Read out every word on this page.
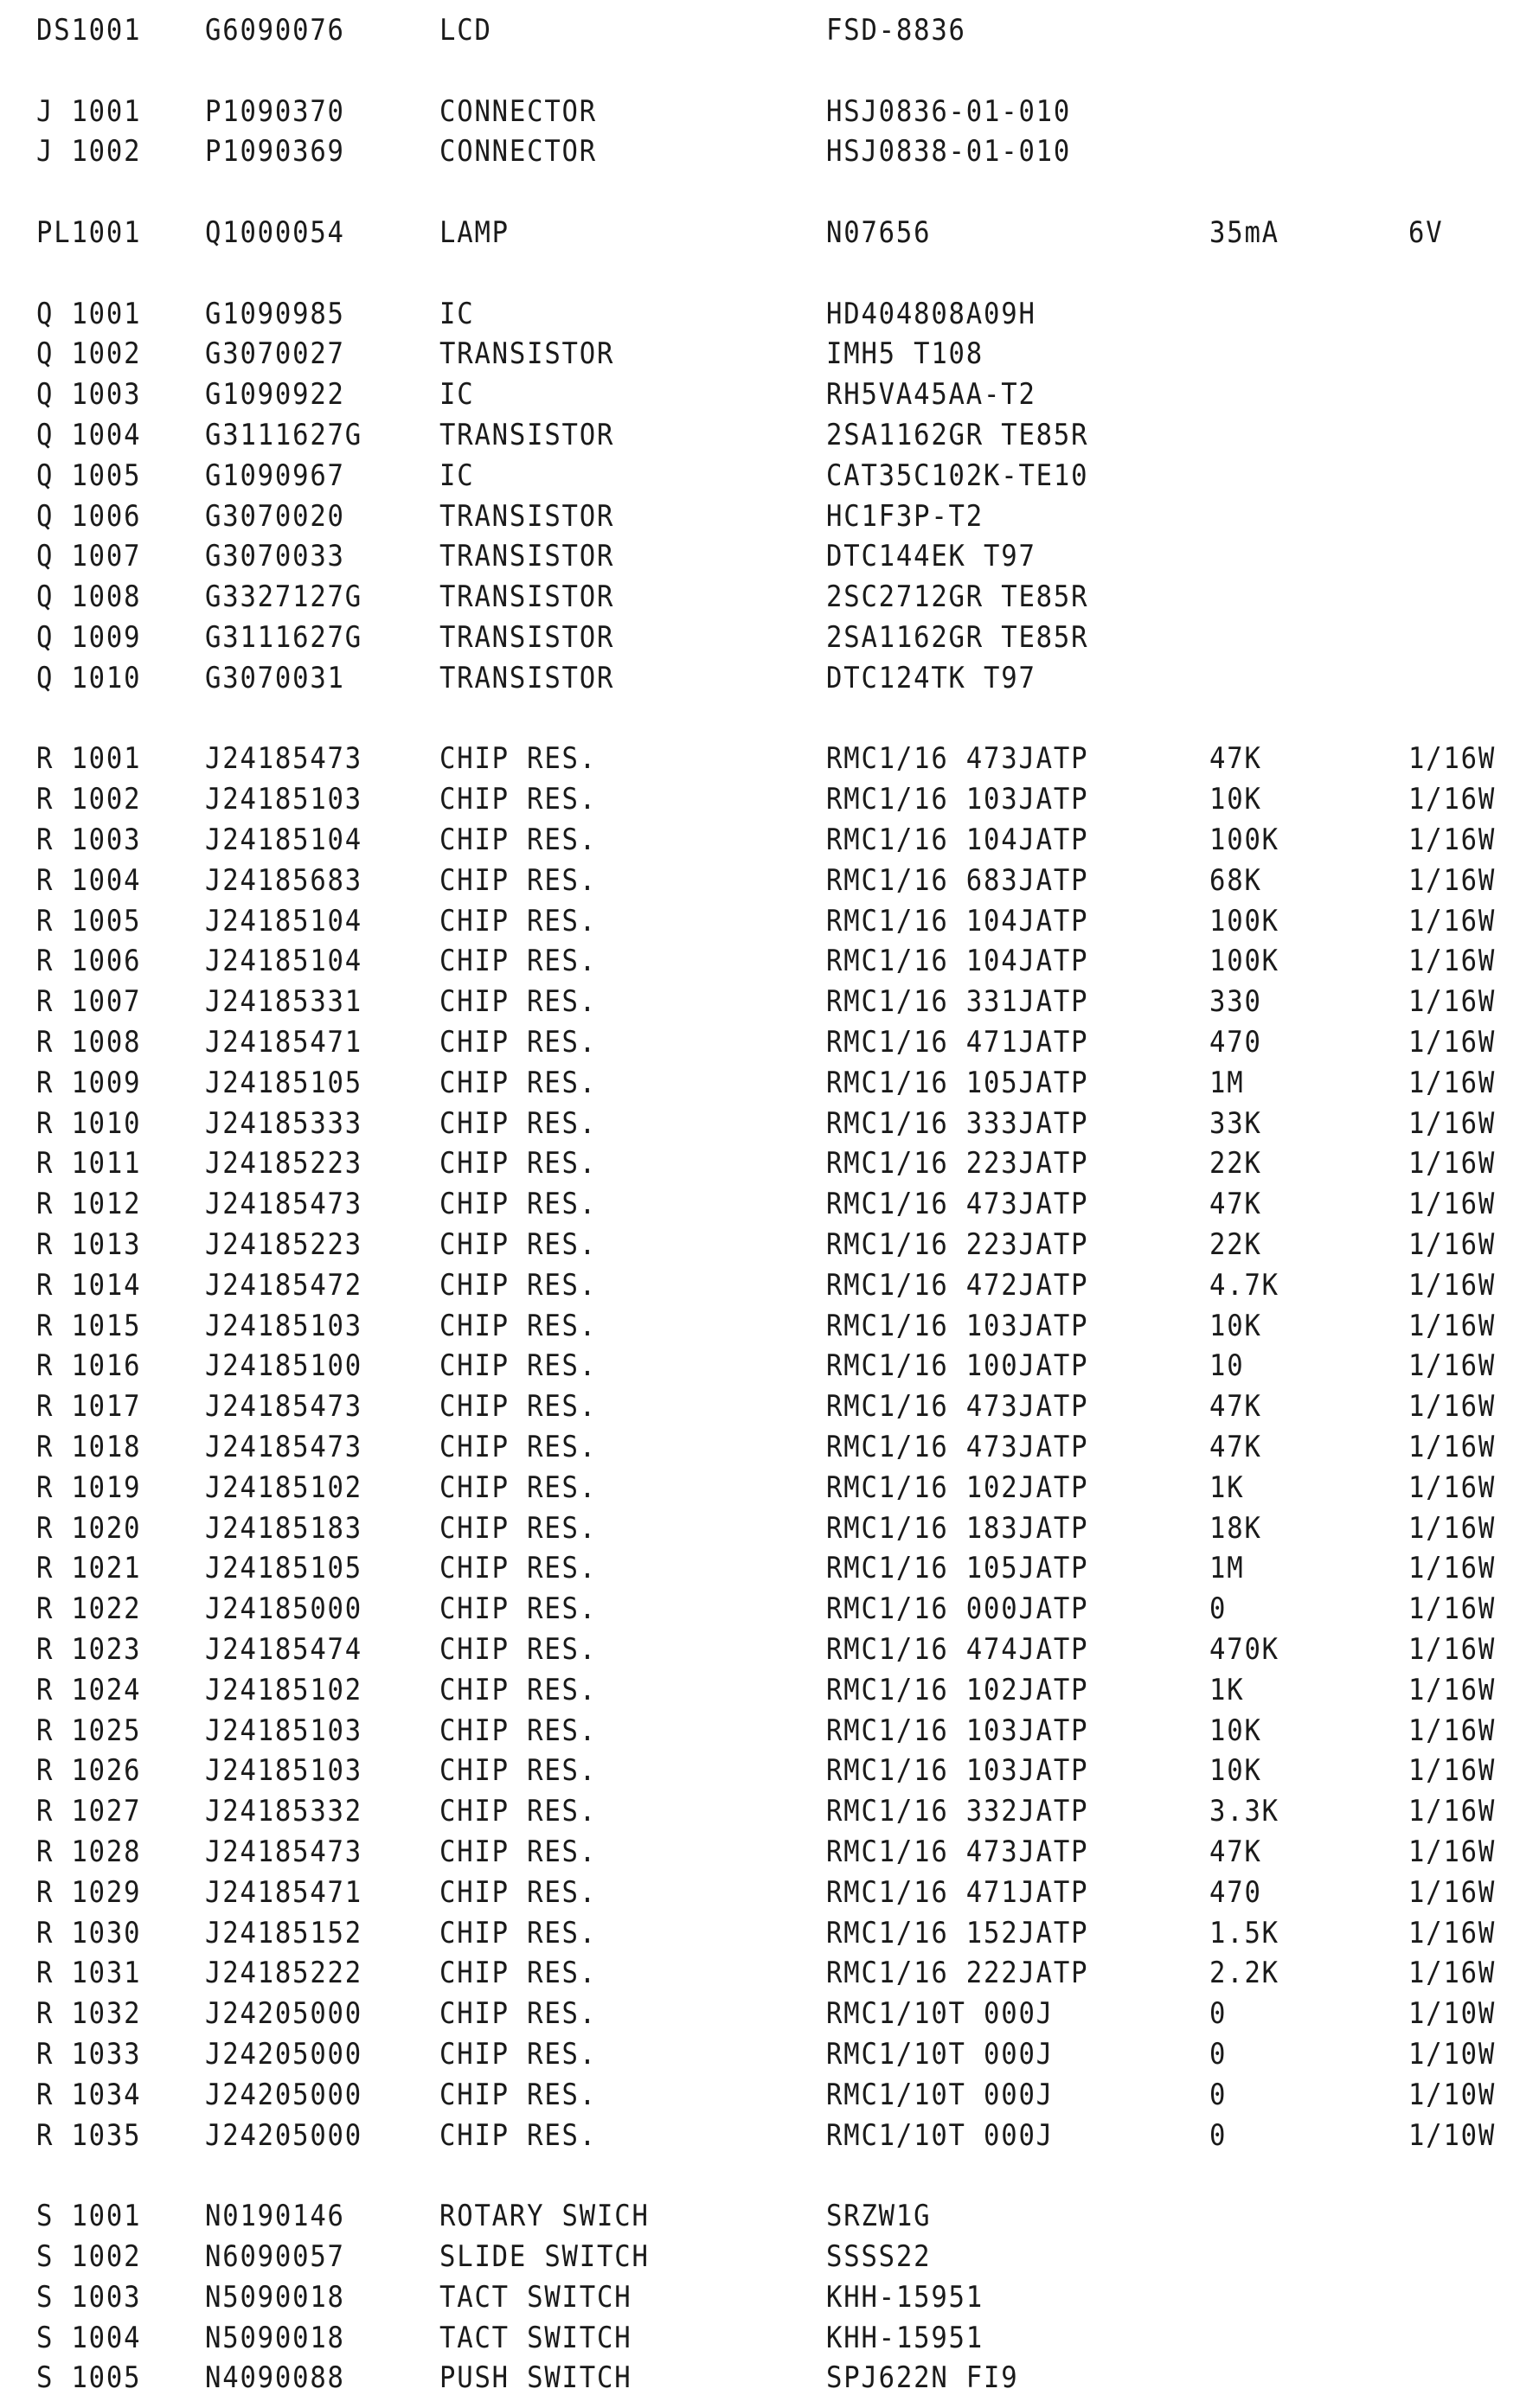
DS1001 G6090076	LCD	FSD-8836
J 1001 P1090370	CONNECTOR	HSJ0836-01-010
J 1002 P1090369	CONNECTOR	HSJ0838-01-010
PL1001 Q1000054	LAMP	N07656	35mA	6V
Q 1001 G1090985	IC	HD404808A09H
Q 1002 G3070027	TRANSISTOR	IMH5 T108
Q 1003 G1090922	IC	RH5VA45AA-T2
Q 1004 G3111627G	TRANSISTOR	2SA1162GR TE85R
Q 1005 G1090967	IC	CAT35C102K-TE10
Q 1006 G3070020	TRANSISTOR	HC1F3P-T2
Q 1007 G3070033	TRANSISTOR	DTC144EK T97
Q 1008 G3327127G	TRANSISTOR	2SC2712GR TE85R
Q 1009 G3111627G	TRANSISTOR	2SA1162GR TE85R
Q 1010 G3070031	TRANSISTOR	DTC124TK T97
R 1001 J24185473	CHIP RES.	RMC1/16 473JATP	47K	1/16W
R 1002 J24185103	CHIP RES.	RMC1/16 103JATP	10K	1/16W
R 1003 J24185104	CHIP RES.	RMC1/16 104JATP	100K	1/16W
R 1004 J24185683	CHIP RES.	RMC1/16 683JATP	68K	1/16W
R 1005 J24185104	CHIP RES.	RMC1/16 104JATP	100K	1/16W
R 1006 J24185104	CHIP RES.	RMC1/16 104JATP	100K	1/16W
R 1007 J24185331	CHIP RES.	RMC1/16 331JATP	330	1/16W
R 1008 J24185471	CHIP RES.	RMC1/16 471JATP	470	1/16W
R 1009 J24185105	CHIP RES.	RMC1/16 105JATP	1M	1/16W
R 1010 J24185333	CHIP RES.	RMC1/16 333JATP	33K	1/16W
R 1011 J24185223	CHIP RES.	RMC1/16 223JATP	22K	1/16W
R 1012 J24185473	CHIP RES.	RMC1/16 473JATP	47K	1/16W
R 1013 J24185223	CHIP RES.	RMC1/16 223JATP	22K	1/16W
R 1014 J24185472	CHIP RES.	RMC1/16 472JATP	4.7K	1/16W
R 1015 J24185103	CHIP RES.	RMC1/16 103JATP	10K	1/16W
R 1016 J24185100	CHIP RES.	RMC1/16 100JATP	10	1/16W
R 1017 J24185473	CHIP RES.	RMC1/16 473JATP	47K	1/16W
R 1018 J24185473	CHIP RES.	RMC1/16 473JATP	47K	1/16W
R 1019 J24185102	CHIP RES.	RMC1/16 102JATP	1K	1/16W
R 1020 J24185183	CHIP RES.	RMC1/16 183JATP	18K	1/16W
R 1021 J24185105	CHIP RES.	RMC1/16 105JATP	1M	1/16W
R 1022 J24185000	CHIP RES.	RMC1/16 000JATP	0	1/16W
R 1023 J24185474	CHIP RES.	RMC1/16 474JATP	470K	1/16W
R 1024 J24185102	CHIP RES.	RMC1/16 102JATP	1K	1/16W
R 1025 J24185103	CHIP RES.	RMC1/16 103JATP	10K	1/16W
R 1026 J24185103	CHIP RES.	RMC1/16 103JATP	10K	1/16W
R 1027 J24185332	CHIP RES.	RMC1/16 332JATP	3.3K	1/16W
R 1028 J24185473	CHIP RES.	RMC1/16 473JATP	47K	1/16W
R 1029 J24185471	CHIP RES.	RMC1/16 471JATP	470	1/16W
R 1030 J24185152	CHIP RES.	RMC1/16 152JATP	1.5K	1/16W
R 1031 J24185222	CHIP RES.	RMC1/16 222JATP	2.2K	1/16W
R 1032 J24205000	CHIP RES.	RMC1/10T 000J	0	1/10W
R 1033 J24205000	CHIP RES.	RMC1/10T 000J	0	1/10W
R 1034 J24205000	CHIP RES.	RMC1/10T 000J	0	1/10W
R 1035 J24205000	CHIP RES.	RMC1/10T 000J	0	1/10W
S 1001 N0190146	ROTARY SWICH	SRZW1G
S 1002 N6090057	SLIDE SWITCH	SSSS22
S 1003 N5090018	TACT SWITCH	KHH-15951
S 1004 N5090018	TACT SWITCH	KHH-15951
S 1005 N4090088	PUSH SWITCH	SPJ622N FI9
